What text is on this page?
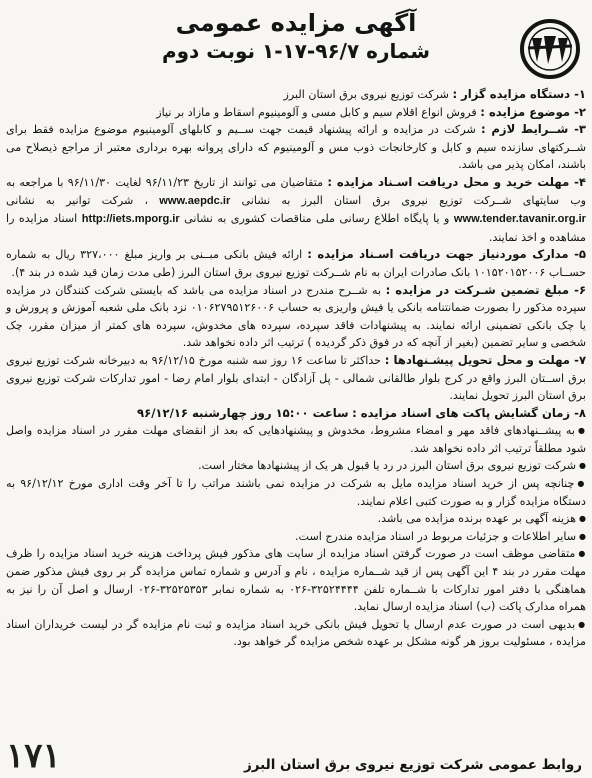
آگهی مزایده عمومی
شماره ۹۶/۷-۱۷-۱ نوبت دوم

۱- دستگاه مزایده گزار : شرکت توزیع نیروی برق استان البرز

۲- موضوع مزایده : فروش انواع اقلام سیم و کابل مسی و آلومینیوم اسقاط و مازاد بر نیاز

۳- شــرایط لازم : شرکت در مزایده و ارائه پیشنهاد قیمت جهت ســیم و کابلهای آلومینیوم موضوع مزایده فقط برای شــرکتهای سازنده سیم و کابل و کارخانجات ذوب مس و آلومینیوم که دارای پروانه بهره برداری معتبر از مراجع ذیصلاح می باشند، امکان پذیر می باشد.

۴- مهلت خرید و محل دریافت اسـناد مزایده : متقاضیان می توانند از تاریخ ۹۶/۱۱/۲۳ لغایت ۹۶/۱۱/۳۰ با مراجعه به وب سایتهای شــرکت توزیع نیروی برق استان البرز به نشانی www.aepdc.ir ، شرکت توانیر به نشانی www.tender.tavanir.org.ir و یا پایگاه اطلاع رسانی ملی مناقصات کشوری به نشانی http://iets.mporg.ir اسناد مزایده را مشاهده و اخذ نمایند.

۵- مدارک موردنیاز جهت دریافت اسـناد مزایده : ارائه فیش بانکی مبــنی بر واریز مبلغ ۳۲۷،۰۰۰ ریال به شماره حســاب ۱۰۱۵۲۰۱۵۲۰۰۶ بانک صادرات ایران به نام شــرکت توزیع نیروی برق استان البرز (طی مدت زمان قید شده در بند ۴).

۶- مبلغ تضمین شـرکت در مزایده : به شــرح مندرج در اسناد مزایده می باشد که بایستی شرکت کنندگان در مزایده سپرده مذکور را بصورت ضمانتنامه بانکی یا فیش واریزی به حساب ۰۱۰۶۲۷۹۵۱۲۶۰۰۶ نزد بانک ملی شعبه آموزش و پرورش و یا چک بانکی تضمینی ارائه نمایند. به پیشنهادات فاقد سپرده، سپرده های مخدوش، سپرده های کمتر از میزان مقرر، چک شخصی و سایر تضمین (بغیر از آنچه که در فوق ذکر گردیده ) ترتیب اثر داده نخواهد شد.

۷- مهلت و محل تحویل پیشـنهادها : حداکثر تا ساعت ۱۶ روز سه شنبه مورخ ۹۶/۱۲/۱۵ به دبیرخانه شرکت توزیع نیروی برق اســتان البرز واقع در کرج بلوار طالقانی شمالی - پل آزادگان - ابتدای بلوار امام رضا - امور تدارکات شرکت توزیع نیروی برق استان البرز تحویل نمایند.

۸- زمان گشایش پاکت های اسناد مزایده : ساعت ۱۵:۰۰ روز چهارشنبه ۹۶/۱۲/۱۶

● به پیشــنهادهای فاقد مهر و امضاء مشروط، مخدوش و پیشنهادهایی که بعد از انقضای مهلت مقرر در اسناد مزایده واصل شود مطلقاً ترتیب اثر داده نخواهد شد.

● شرکت توزیع نیروی برق استان البرز در رد یا قبول هر یک از پیشنهادها مختار است.

● چنانچه پس از خرید اسناد مزایده مایل به شرکت در مزایده نمی باشند مراتب را تا آخر وقت اداری مورخ ۹۶/۱۲/۱۲ به دستگاه مزایده گزار و به صورت کتبی اعلام نمایند.

● هزینه آگهی بر عهده برنده مزایده می باشد.

● سایر اطلاعات و جزئیات مربوط در اسناد مزایده مندرج است.

● متقاضی موظف است در صورت گرفتن اسناد مزایده از سایت های مذکور فیش پرداخت هزینه خرید اسناد مزایده را ظرف مهلت مقرر در بند ۴ این آگهی پس از قید شــماره مزایده ، نام و آدرس و شماره تماس مزایده گر بر روی فیش مذکور ضمن هماهنگی با دفتر امور تدارکات با شــماره تلفن ۳۲۵۲۴۴۴۴-۰۲۶ به شماره نمابر ۳۲۵۲۵۳۵۳-۰۲۶ ارسال و اصل آن را نیز به همراه مدارک پاکت (ب) اسناد مزایده ارسال نماید.

● بدیهی است در صورت عدم ارسال یا تحویل فیش بانکی خرید اسناد مزایده و ثبت نام مزایده گر در لیست خریداران اسناد مزایده ، مسئولیت بروز هر گونه مشکل بر عهده شخص مزایده گر خواهد بود.

روابط عمومی شرکت توزیع نیروی برق استان البرز
۱۷۱
